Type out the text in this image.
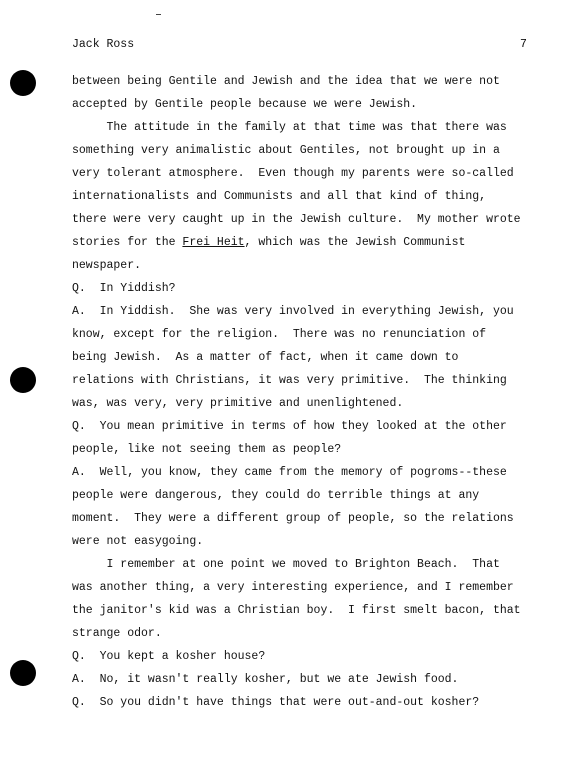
Jack Ross	7
between being Gentile and Jewish and the idea that we were not
accepted by Gentile people because we were Jewish.
The attitude in the family at that time was that there was
something very animalistic about Gentiles, not brought up in a
very tolerant atmosphere.  Even though my parents were so-called
internationalists and Communists and all that kind of thing,
there were very caught up in the Jewish culture.  My mother wrote
stories for the Frei Heit, which was the Jewish Communist
newspaper.
Q.  In Yiddish?
A.  In Yiddish.  She was very involved in everything Jewish, you
know, except for the religion.  There was no renunciation of
being Jewish.  As a matter of fact, when it came down to
relations with Christians, it was very primitive.  The thinking
was, was very, very primitive and unenlightened.
Q.  You mean primitive in terms of how they looked at the other
people, like not seeing them as people?
A.  Well, you know, they came from the memory of pogroms--these
people were dangerous, they could do terrible things at any
moment.  They were a different group of people, so the relations
were not easygoing.
I remember at one point we moved to Brighton Beach.  That
was another thing, a very interesting experience, and I remember
the janitor's kid was a Christian boy.  I first smelt bacon, that
strange odor.
Q.  You kept a kosher house?
A.  No, it wasn't really kosher, but we ate Jewish food.
Q.  So you didn't have things that were out-and-out kosher?
